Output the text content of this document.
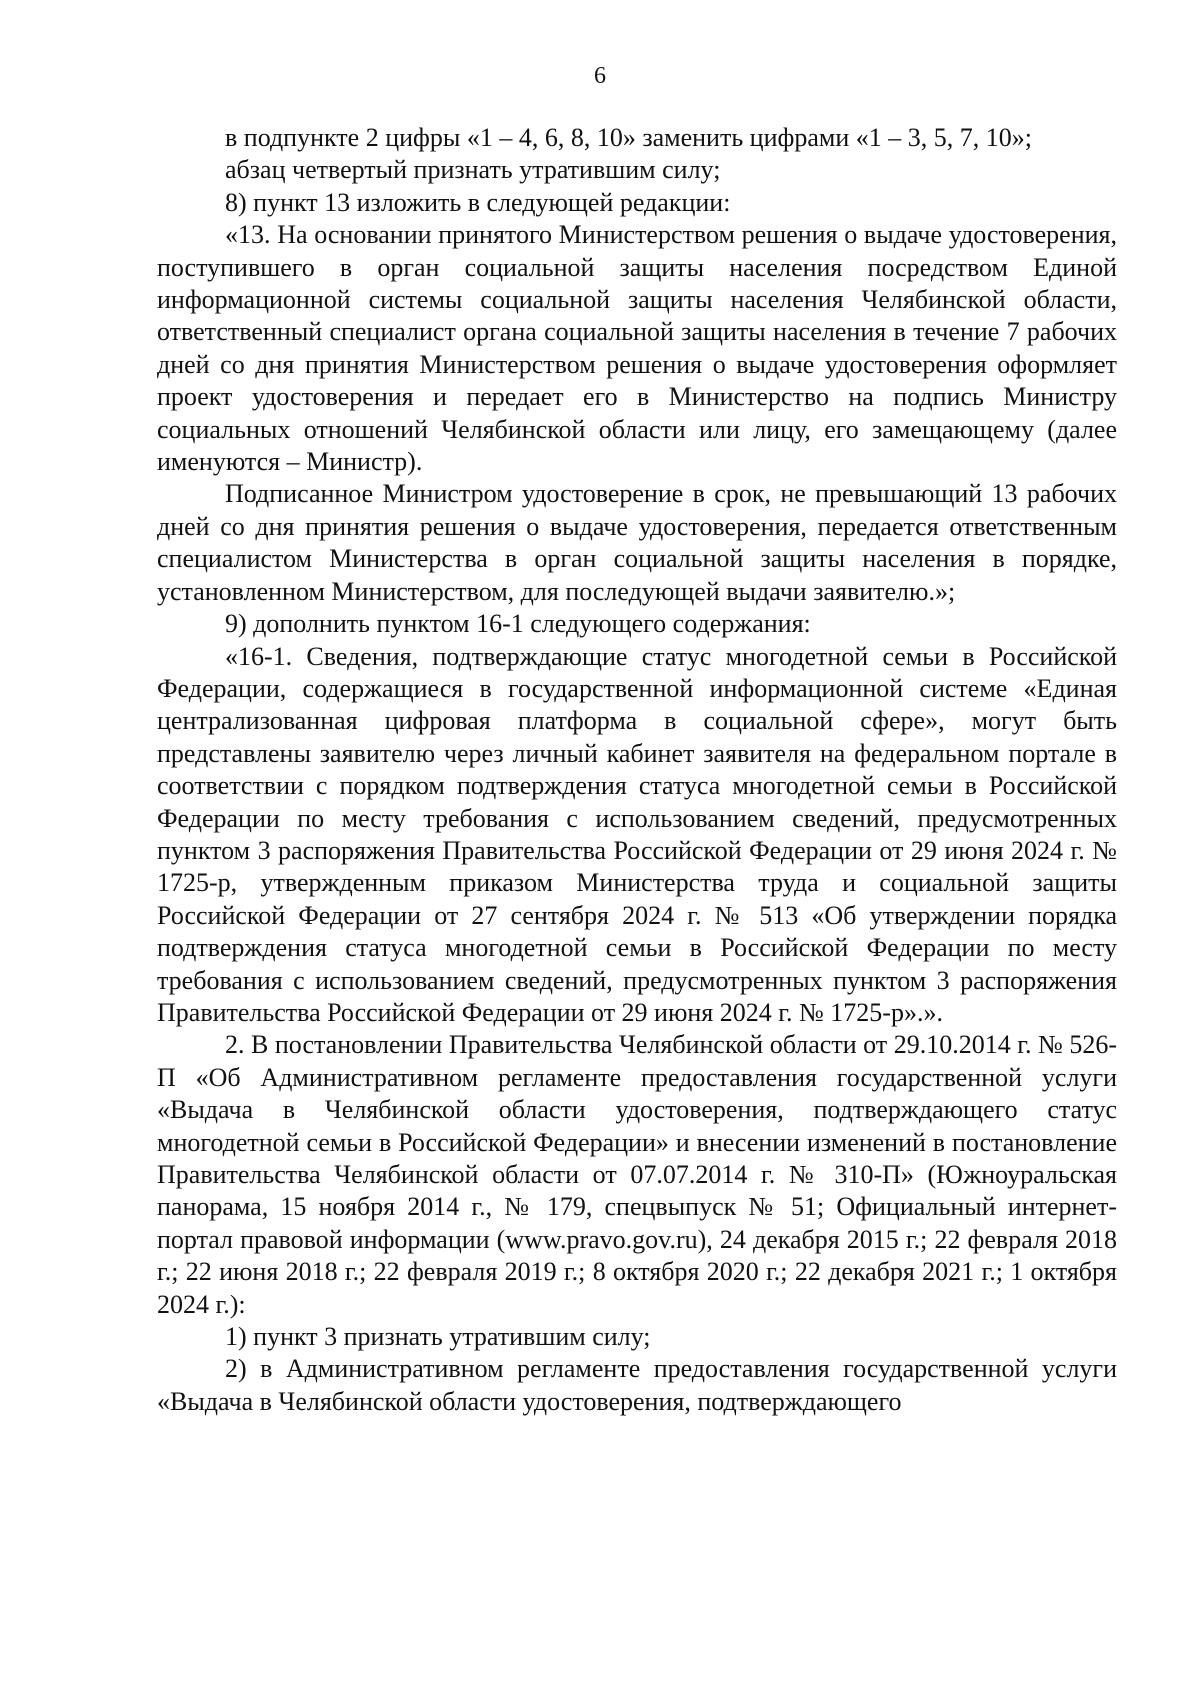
6

в подпункте 2 цифры «1 – 4, 6, 8, 10» заменить цифрами «1 – 3, 5, 7, 10»;

абзац четвертый признать утратившим силу;

8) пункт 13 изложить в следующей редакции:

«13. На основании принятого Министерством решения о выдаче удостоверения, поступившего в орган социальной защиты населения посредством Единой информационной системы социальной защиты населения Челябинской области, ответственный специалист органа социальной защиты населения в течение 7 рабочих дней со дня принятия Министерством решения о выдаче удостоверения оформляет проект удостоверения и передает его в Министерство на подпись Министру социальных отношений Челябинской области или лицу, его замещающему (далее именуются – Министр).

Подписанное Министром удостоверение в срок, не превышающий 13 рабочих дней со дня принятия решения о выдаче удостоверения, передается ответственным специалистом Министерства в орган социальной защиты населения в порядке, установленном Министерством, для последующей выдачи заявителю.»;

9) дополнить пунктом 16-1 следующего содержания:

«16-1. Сведения, подтверждающие статус многодетной семьи в Российской Федерации, содержащиеся в государственной информационной системе «Единая централизованная цифровая платформа в социальной сфере», могут быть представлены заявителю через личный кабинет заявителя на федеральном портале в соответствии с порядком подтверждения статуса многодетной семьи в Российской Федерации по месту требования с использованием сведений, предусмотренных пунктом 3 распоряжения Правительства Российской Федерации от 29 июня 2024 г. № 1725-р, утвержденным приказом Министерства труда и социальной защиты Российской Федерации от 27 сентября 2024 г. № 513 «Об утверждении порядка подтверждения статуса многодетной семьи в Российской Федерации по месту требования с использованием сведений, предусмотренных пунктом 3 распоряжения Правительства Российской Федерации от 29 июня 2024 г. № 1725-р».».

2. В постановлении Правительства Челябинской области от 29.10.2014 г. № 526-П «Об Административном регламенте предоставления государственной услуги «Выдача в Челябинской области удостоверения, подтверждающего статус многодетной семьи в Российской Федерации» и внесении изменений в постановление Правительства Челябинской области от 07.07.2014 г. № 310-П» (Южноуральская панорама, 15 ноября 2014 г., № 179, спецвыпуск № 51; Официальный интернет-портал правовой информации (www.pravo.gov.ru), 24 декабря 2015 г.; 22 февраля 2018 г.; 22 июня 2018 г.; 22 февраля 2019 г.; 8 октября 2020 г.; 22 декабря 2021 г.; 1 октября 2024 г.):

1) пункт 3 признать утратившим силу;

2) в Административном регламенте предоставления государственной услуги «Выдача в Челябинской области удостоверения, подтверждающего
